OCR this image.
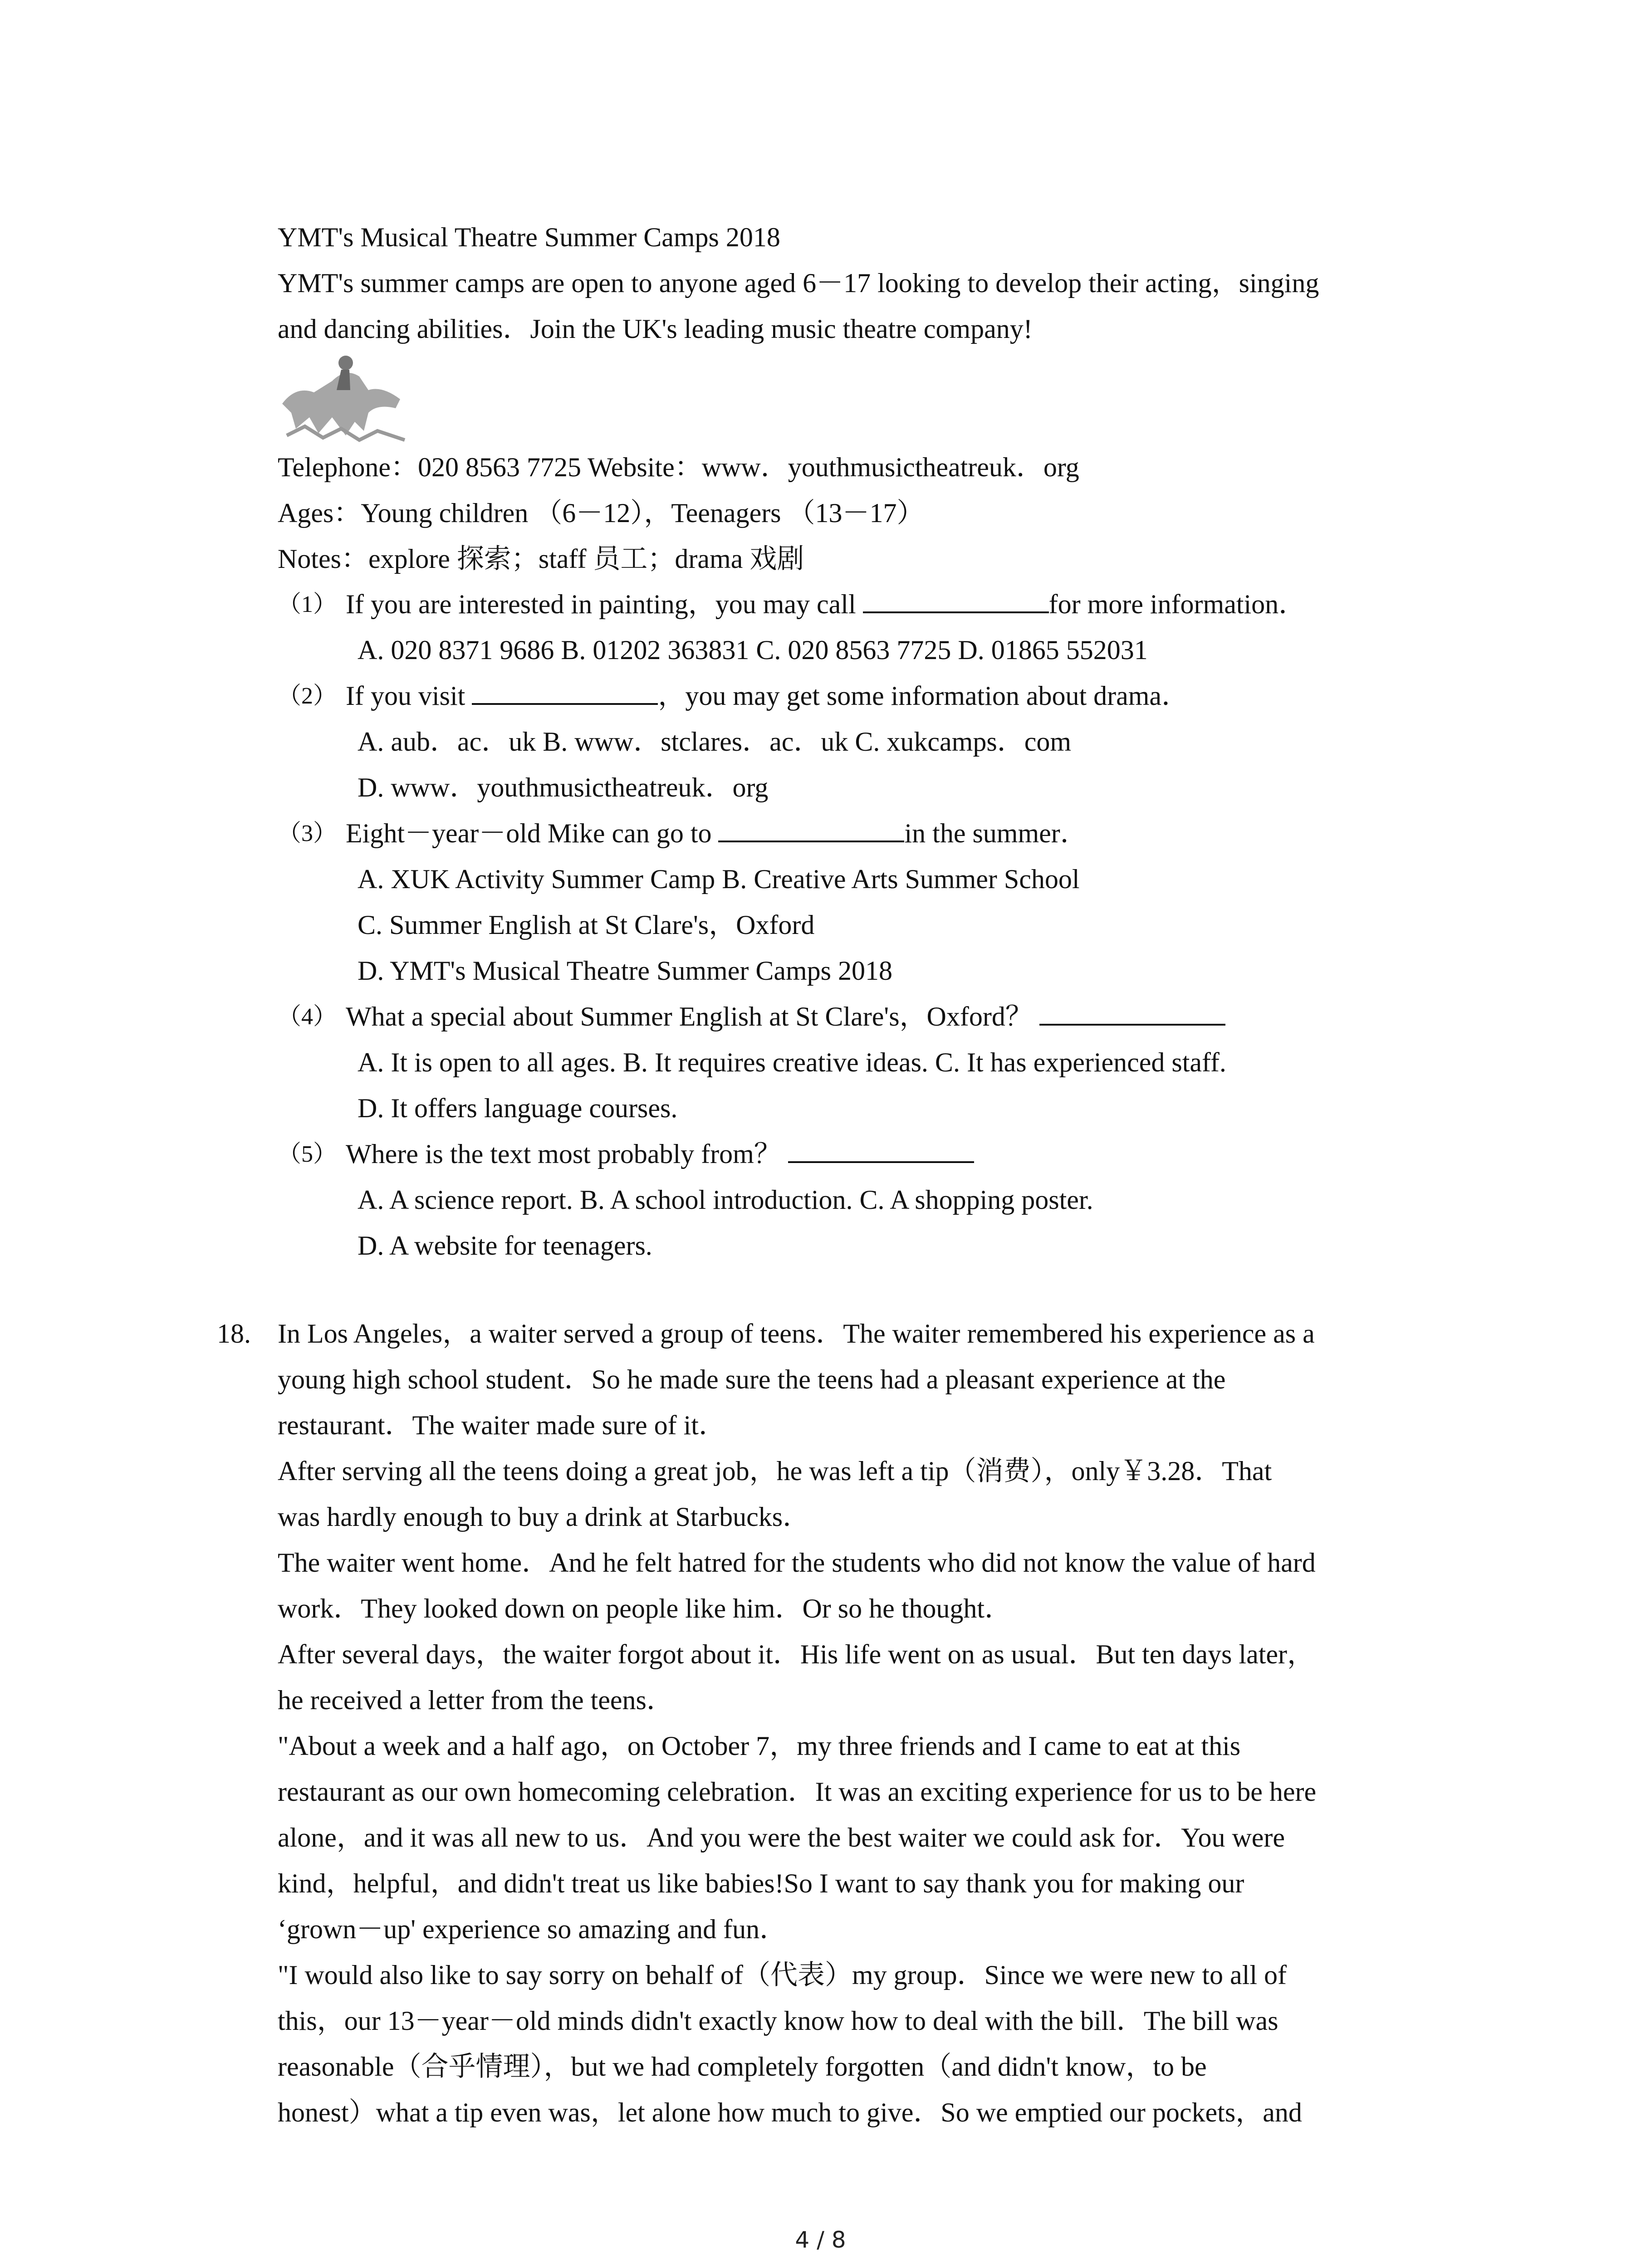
YMT's Musical Theatre Summer Camps 2018
YMT's summer camps are open to anyone aged 6－17 looking to develop their acting，singing
and dancing abilities．Join the UK's leading music theatre company!
Telephone：020 8563 7725 Website：www．youthmusictheatreuk．org
Ages：Young children （6－12），Teenagers （13－17）
Notes：explore 探索；staff 员工；drama 戏剧
（1） If you are interested in painting，you may call	for more information．
A. 020 8371 9686 B. 01202 363831 C. 020 8563 7725 D. 01865 552031
（2） If you visit	，you may get some information about drama．
A. aub．ac．uk B. www．stclares．ac．uk C. xukcamps．com
D. www．youthmusictheatreuk．org
（3） Eight－year－old Mike can go to	in the summer．
A. XUK Activity Summer Camp B. Creative Arts Summer School
C. Summer English at St Clare's，Oxford
D. YMT's Musical Theatre Summer Camps 2018
（4） What a special about Summer English at St Clare's，Oxford？
A. It is open to all ages. B. It requires creative ideas. C. It has experienced staff.
D. It offers language courses.
（5） Where is the text most probably from？
A. A science report. B. A school introduction. C. A shopping poster.
D. A website for teenagers.
18. In Los Angeles，a waiter served a group of teens．The waiter remembered his experience as a
young high school student．So he made sure the teens had a pleasant experience at the
restaurant．The waiter made sure of it．
After serving all the teens doing a great job，he was left a tip（消费），only￥3.28．That
was hardly enough to buy a drink at Starbucks．
The waiter went home．And he felt hatred for the students who did not know the value of hard
work．They looked down on people like him．Or so he thought．
After several days，the waiter forgot about it．His life went on as usual．But ten days later，
he received a letter from the teens．
"About a week and a half ago，on October 7，my three friends and I came to eat at this
restaurant as our own homecoming celebration．It was an exciting experience for us to be here
alone，and it was all new to us．And you were the best waiter we could ask for．You were
kind，helpful，and didn't treat us like babies!So I want to say thank you for making our
‘grown－up' experience so amazing and fun．
"I would also like to say sorry on behalf of（代表）my group．Since we were new to all of
this，our 13－year－old minds didn't exactly know how to deal with the bill．The bill was
reasonable（合乎情理），but we had completely forgotten（and didn't know，to be
honest）what a tip even was，let alone how much to give．So we emptied our pockets，and
4 / 8
